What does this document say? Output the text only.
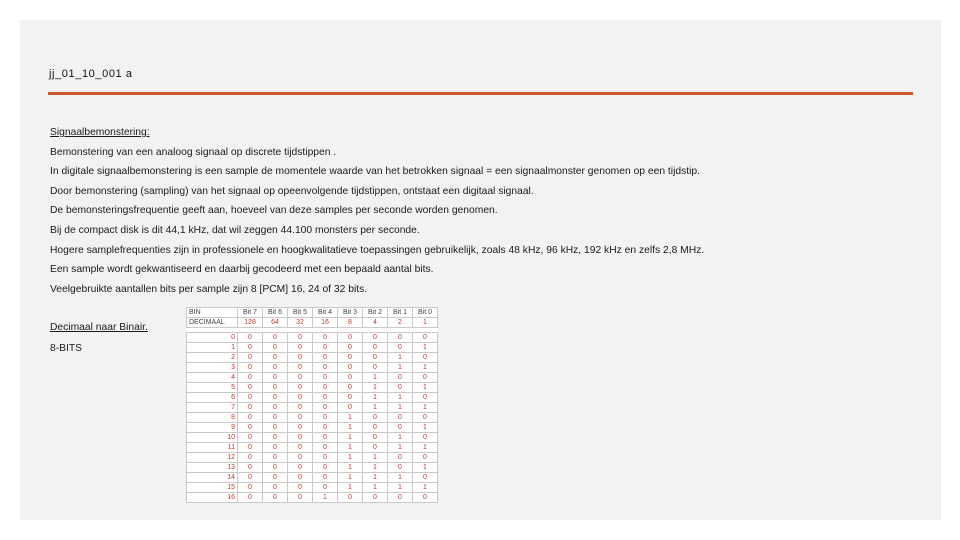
jj_01_10_001 a

Signaalbemonstering:

Bemonstering van een analoog signaal op discrete tijdstippen .

In digitale signaalbemonstering is een sample de momentele waarde van het betrokken signaal = een signaalmonster genomen op een tijdstip.

Door bemonstering (sampling) van het signaal op opeenvolgende tijdstippen, ontstaat een digitaal signaal.

De bemonsteringsfrequentie geeft aan, hoeveel van deze samples per seconde worden genomen.

Bij de compact disk is dit 44,1 kHz, dat wil zeggen 44.100 monsters per seconde.

Hogere samplefrequenties zijn in professionele en hoogkwalitatieve toepassingen gebruikelijk, zoals 48 kHz, 96 kHz, 192 kHz en zelfs 2,8 MHz.

Een sample wordt gekwantiseerd en daarbij gecodeerd met een bepaald aantal bits.

Veelgebruikte aantallen bits per sample zijn 8 [PCM] 16, 24 of 32 bits.

Decimaal naar Binair.
8-BITS
BIN	Bit 7	Bit 6	Bit 5	Bit 4	Bit 3	Bit 2	Bit 1	Bit 0
DECIMAAL	128	64	32	16	8	4	2	1

0	0	0	0	0	0	0	0	0
1	0	0	0	0	0	0	0	1
2	0	0	0	0	0	0	1	0
3	0	0	0	0	0	0	1	1
4	0	0	0	0	0	1	0	0
5	0	0	0	0	0	1	0	1
6	0	0	0	0	0	1	1	0
7	0	0	0	0	0	1	1	1
8	0	0	0	0	1	0	0	0
9	0	0	0	0	1	0	0	1
10	0	0	0	0	1	0	1	0
11	0	0	0	0	1	0	1	1
12	0	0	0	0	1	1	0	0
13	0	0	0	0	1	1	0	1
14	0	0	0	0	1	1	1	0
15	0	0	0	0	1	1	1	1
16	0	0	0	1	0	0	0	0
